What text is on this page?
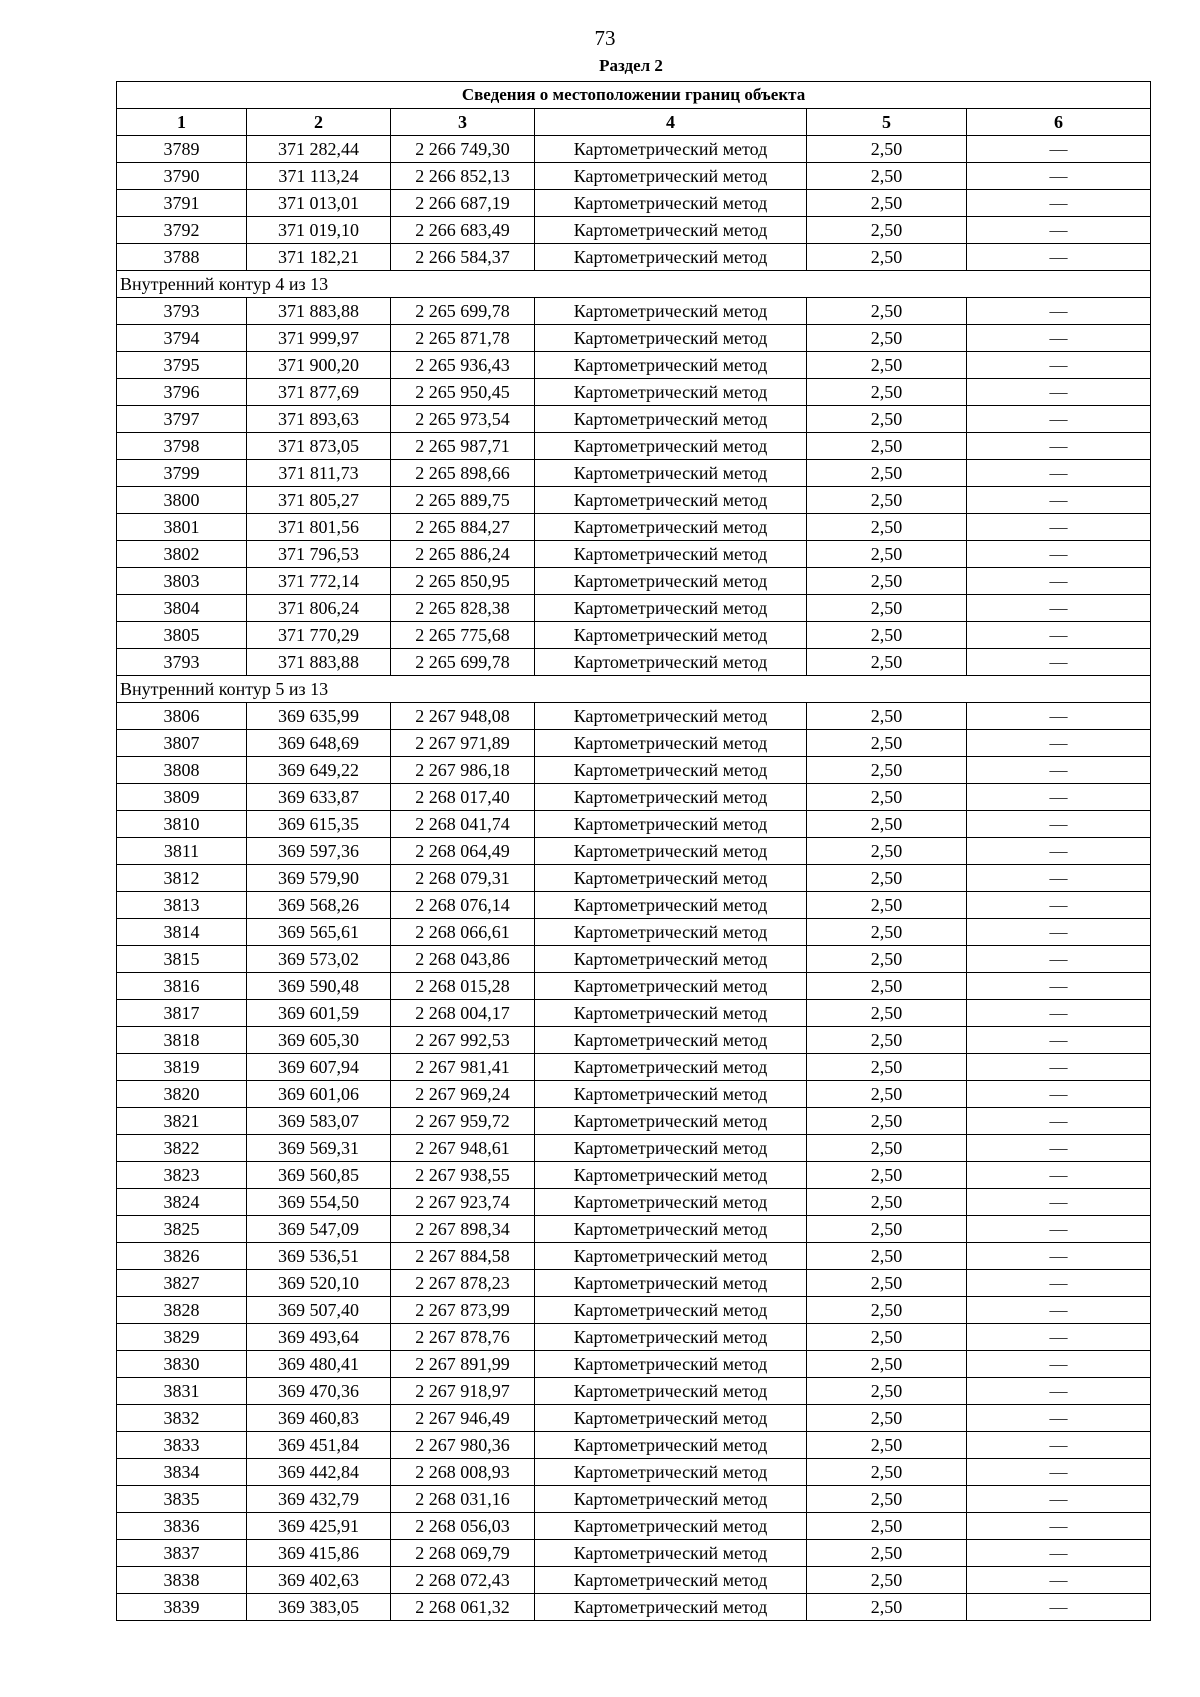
73
Раздел 2
Сведения о местоположении границ объекта					
1	2	3	4	5	6
3789	371 282,44	2 266 749,30	Картометрический метод	2,50	—
3790	371 113,24	2 266 852,13	Картометрический метод	2,50	—
3791	371 013,01	2 266 687,19	Картометрический метод	2,50	—
3792	371 019,10	2 266 683,49	Картометрический метод	2,50	—
3788	371 182,21	2 266 584,37	Картометрический метод	2,50	—
Внутренний контур 4 из 13					
3793	371 883,88	2 265 699,78	Картометрический метод	2,50	—
3794	371 999,97	2 265 871,78	Картометрический метод	2,50	—
3795	371 900,20	2 265 936,43	Картометрический метод	2,50	—
3796	371 877,69	2 265 950,45	Картометрический метод	2,50	—
3797	371 893,63	2 265 973,54	Картометрический метод	2,50	—
3798	371 873,05	2 265 987,71	Картометрический метод	2,50	—
3799	371 811,73	2 265 898,66	Картометрический метод	2,50	—
3800	371 805,27	2 265 889,75	Картометрический метод	2,50	—
3801	371 801,56	2 265 884,27	Картометрический метод	2,50	—
3802	371 796,53	2 265 886,24	Картометрический метод	2,50	—
3803	371 772,14	2 265 850,95	Картометрический метод	2,50	—
3804	371 806,24	2 265 828,38	Картометрический метод	2,50	—
3805	371 770,29	2 265 775,68	Картометрический метод	2,50	—
3793	371 883,88	2 265 699,78	Картометрический метод	2,50	—
Внутренний контур 5 из 13					
3806	369 635,99	2 267 948,08	Картометрический метод	2,50	—
3807	369 648,69	2 267 971,89	Картометрический метод	2,50	—
3808	369 649,22	2 267 986,18	Картометрический метод	2,50	—
3809	369 633,87	2 268 017,40	Картометрический метод	2,50	—
3810	369 615,35	2 268 041,74	Картометрический метод	2,50	—
3811	369 597,36	2 268 064,49	Картометрический метод	2,50	—
3812	369 579,90	2 268 079,31	Картометрический метод	2,50	—
3813	369 568,26	2 268 076,14	Картометрический метод	2,50	—
3814	369 565,61	2 268 066,61	Картометрический метод	2,50	—
3815	369 573,02	2 268 043,86	Картометрический метод	2,50	—
3816	369 590,48	2 268 015,28	Картометрический метод	2,50	—
3817	369 601,59	2 268 004,17	Картометрический метод	2,50	—
3818	369 605,30	2 267 992,53	Картометрический метод	2,50	—
3819	369 607,94	2 267 981,41	Картометрический метод	2,50	—
3820	369 601,06	2 267 969,24	Картометрический метод	2,50	—
3821	369 583,07	2 267 959,72	Картометрический метод	2,50	—
3822	369 569,31	2 267 948,61	Картометрический метод	2,50	—
3823	369 560,85	2 267 938,55	Картометрический метод	2,50	—
3824	369 554,50	2 267 923,74	Картометрический метод	2,50	—
3825	369 547,09	2 267 898,34	Картометрический метод	2,50	—
3826	369 536,51	2 267 884,58	Картометрический метод	2,50	—
3827	369 520,10	2 267 878,23	Картометрический метод	2,50	—
3828	369 507,40	2 267 873,99	Картометрический метод	2,50	—
3829	369 493,64	2 267 878,76	Картометрический метод	2,50	—
3830	369 480,41	2 267 891,99	Картометрический метод	2,50	—
3831	369 470,36	2 267 918,97	Картометрический метод	2,50	—
3832	369 460,83	2 267 946,49	Картометрический метод	2,50	—
3833	369 451,84	2 267 980,36	Картометрический метод	2,50	—
3834	369 442,84	2 268 008,93	Картометрический метод	2,50	—
3835	369 432,79	2 268 031,16	Картометрический метод	2,50	—
3836	369 425,91	2 268 056,03	Картометрический метод	2,50	—
3837	369 415,86	2 268 069,79	Картометрический метод	2,50	—
3838	369 402,63	2 268 072,43	Картометрический метод	2,50	—
3839	369 383,05	2 268 061,32	Картометрический метод	2,50	—
